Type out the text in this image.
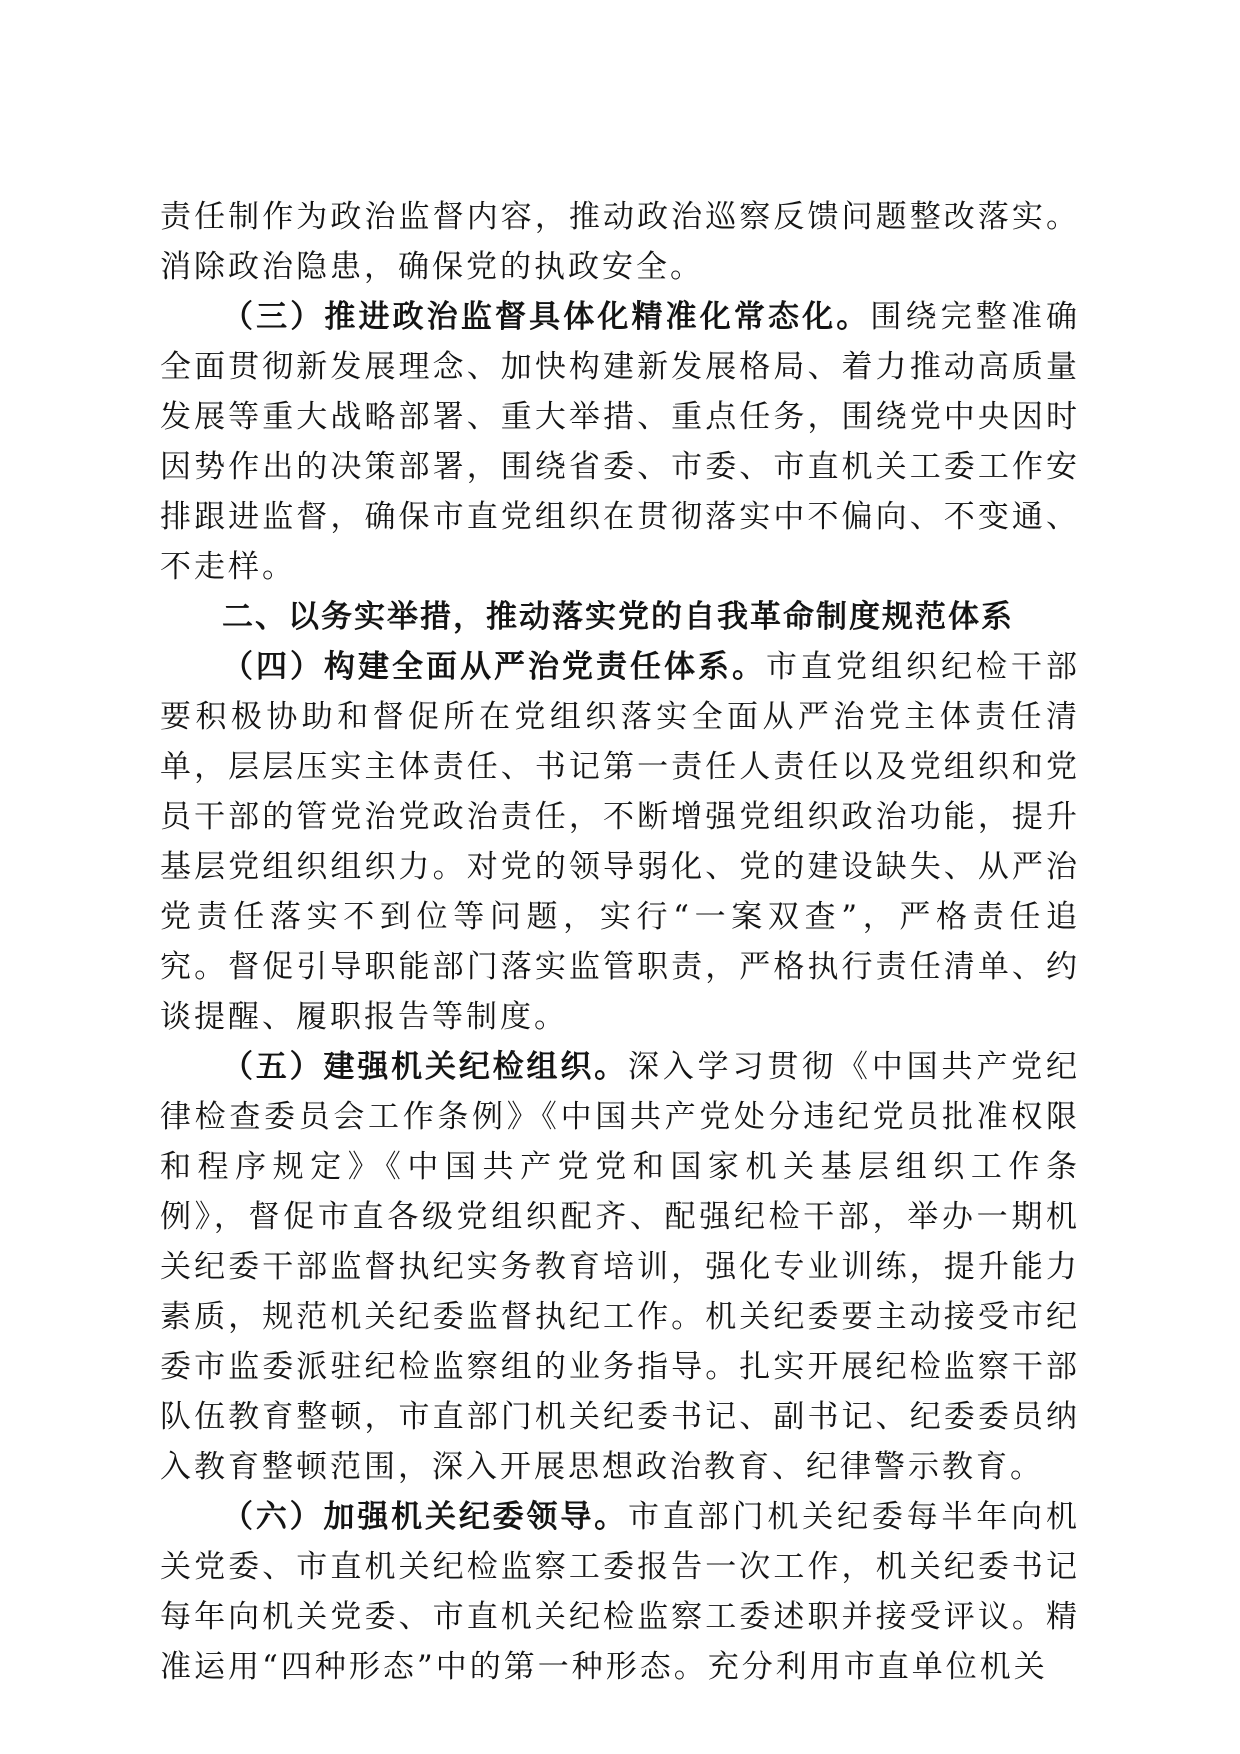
责任制作为政治监督内容，推动政治巡察反馈问题整改落实。消除政治隐患，确保党的执政安全。

（三）推进政治监督具体化精准化常态化。围绕完整准确全面贯彻新发展理念、加快构建新发展格局、着力推动高质量发展等重大战略部署、重大举措、重点任务，围绕党中央因时因势作出的决策部署，围绕省委、市委、市直机关工委工作安排跟进监督，确保市直党组织在贯彻落实中不偏向、不变通、不走样。

二、以务实举措，推动落实党的自我革命制度规范体系

（四）构建全面从严治党责任体系。市直党组织纪检干部要积极协助和督促所在党组织落实全面从严治党主体责任清单，层层压实主体责任、书记第一责任人责任以及党组织和党员干部的管党治党政治责任，不断增强党组织政治功能，提升基层党组织组织力。对党的领导弱化、党的建设缺失、从严治党责任落实不到位等问题，实行“一案双查”，严格责任追究。督促引导职能部门落实监管职责，严格执行责任清单、约谈提醒、履职报告等制度。

（五）建强机关纪检组织。深入学习贯彻《中国共产党纪律检查委员会工作条例》《中国共产党处分违纪党员批准权限和程序规定》《中国共产党党和国家机关基层组织工作条例》，督促市直各级党组织配齐、配强纪检干部，举办一期机关纪委干部监督执纪实务教育培训，强化专业训练，提升能力素质，规范机关纪委监督执纪工作。机关纪委要主动接受市纪委市监委派驻纪检监察组的业务指导。扎实开展纪检监察干部队伍教育整顿，市直部门机关纪委书记、副书记、纪委委员纳入教育整顿范围，深入开展思想政治教育、纪律警示教育。

（六）加强机关纪委领导。市直部门机关纪委每半年向机关党委、市直机关纪检监察工委报告一次工作，机关纪委书记每年向机关党委、市直机关纪检监察工委述职并接受评议。精准运用“四种形态”中的第一种形态。充分利用市直单位机关
